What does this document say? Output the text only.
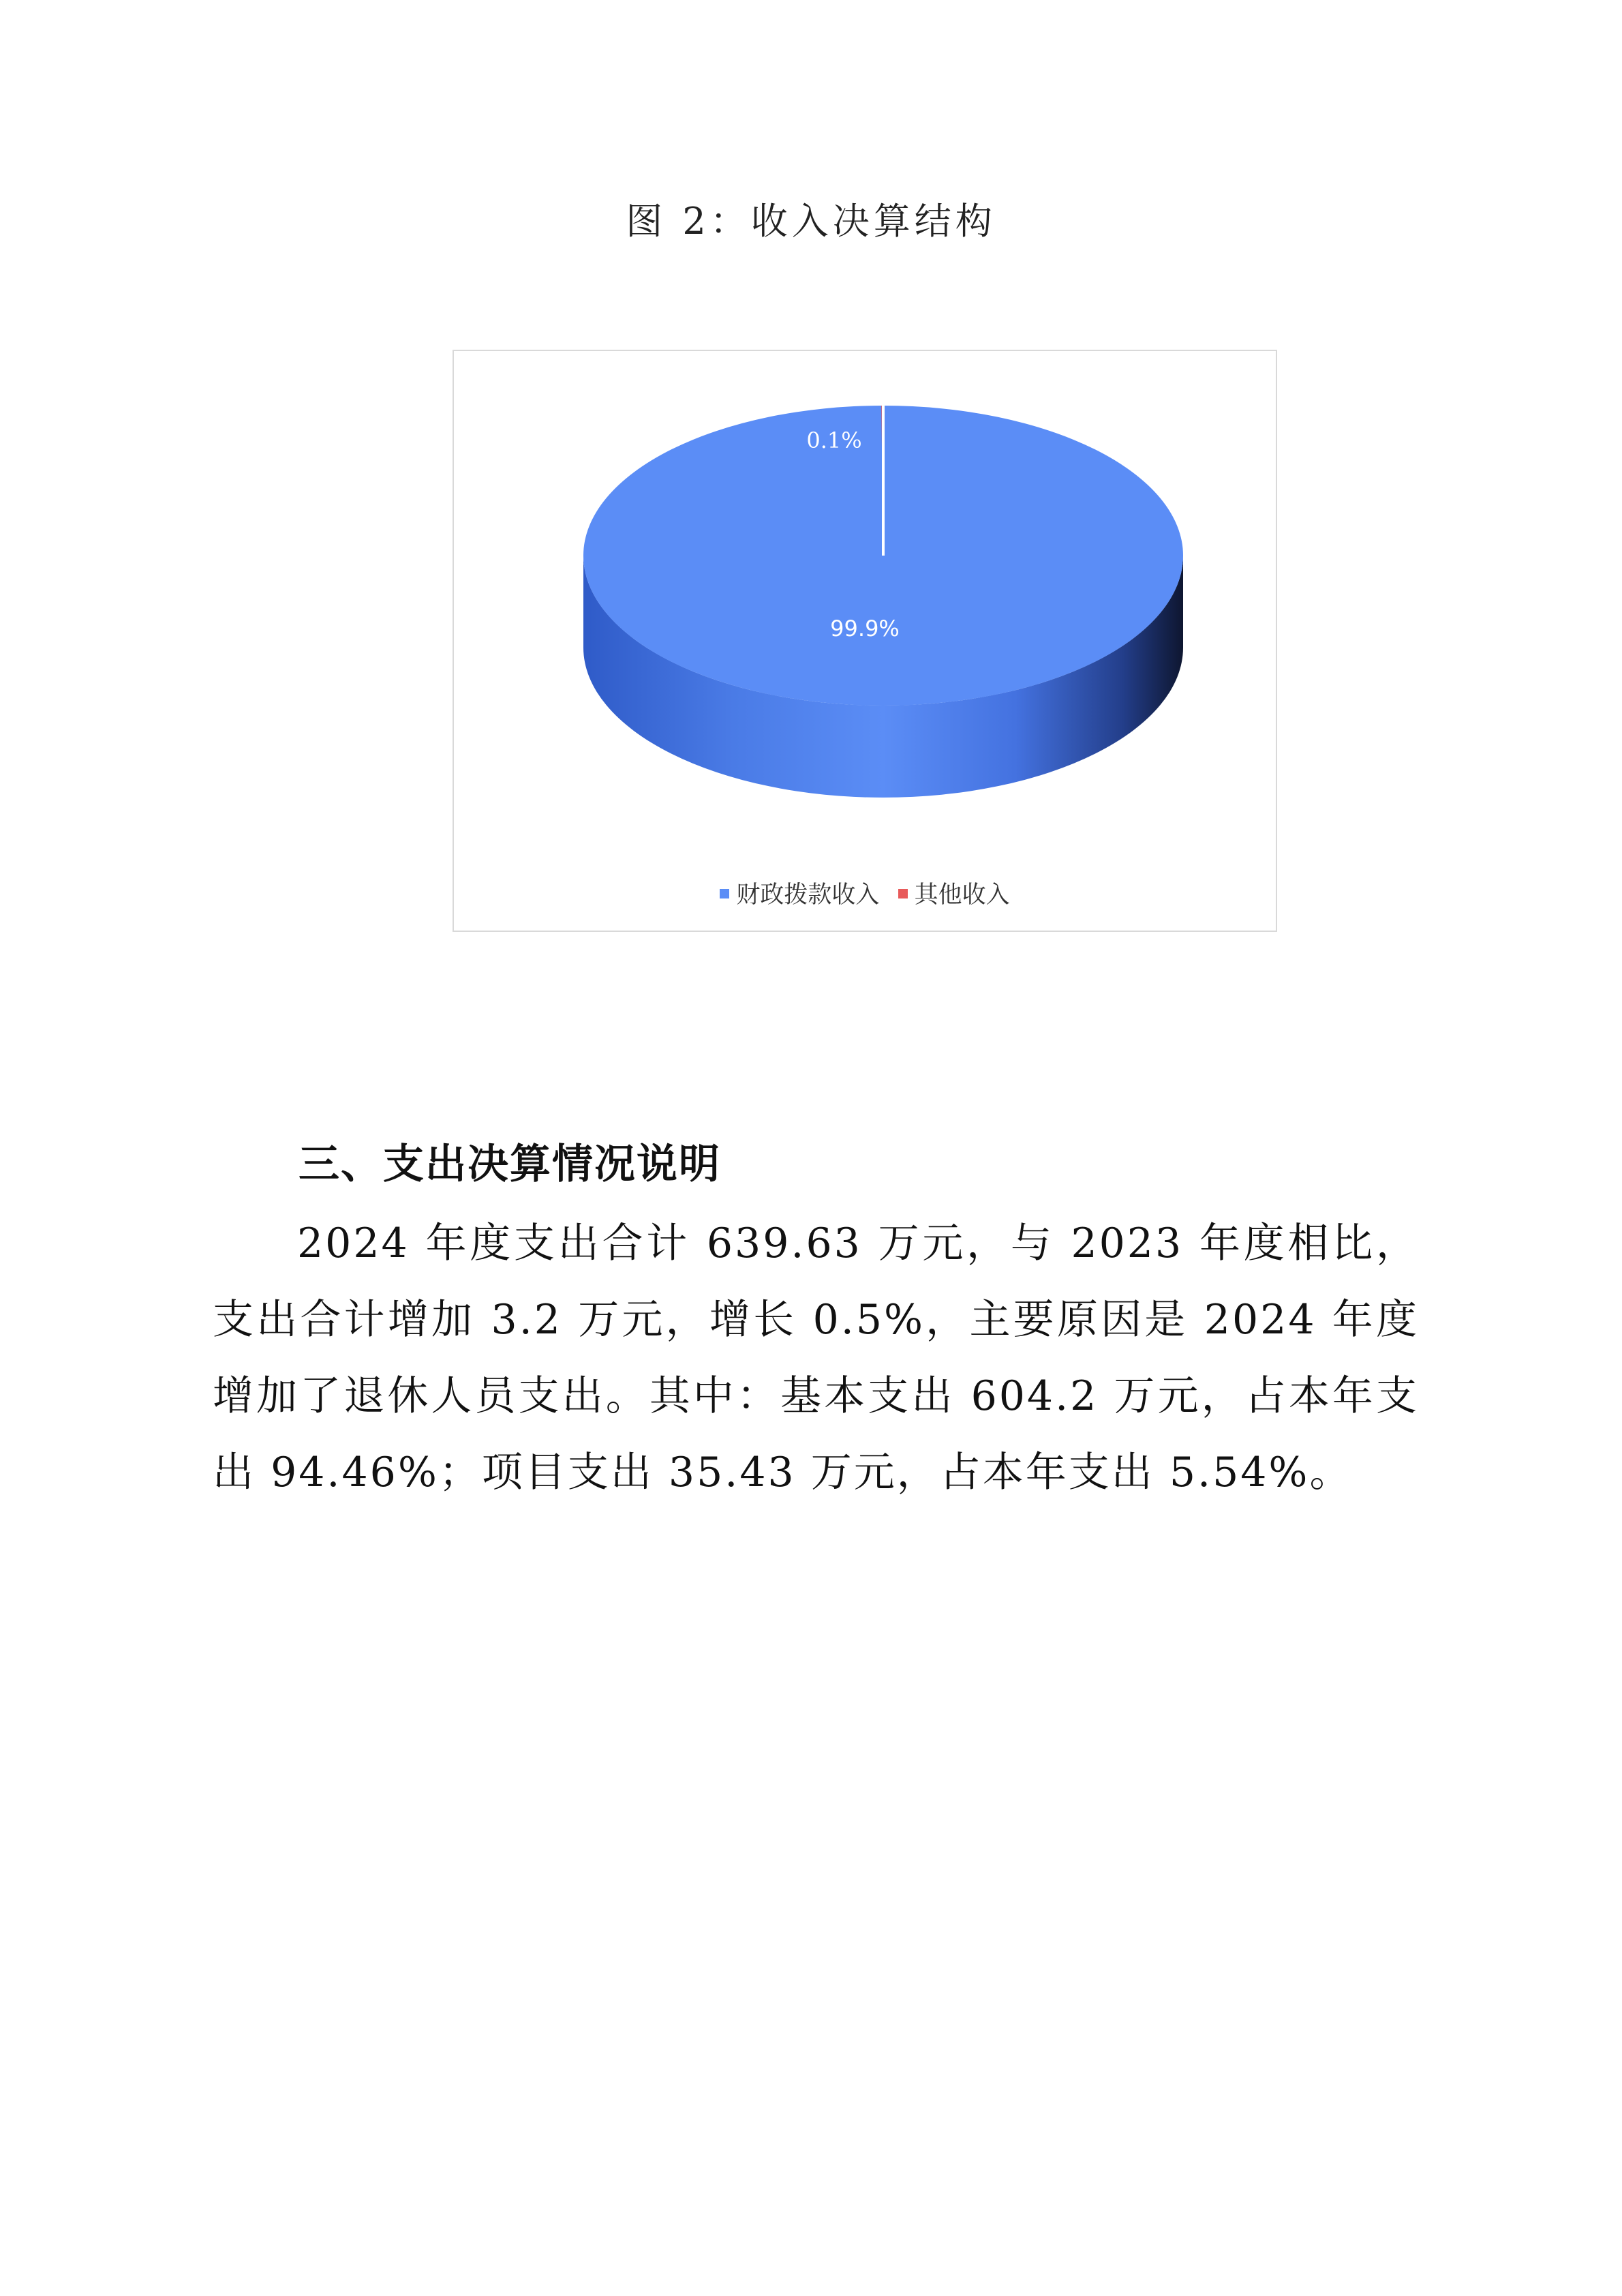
图 2：收入决算结构
99.9%
0.1%
财政拨款收入 其他收入
三、支出决算情况说明
2024 年度支出合计 639.63 万元，与 2023 年度相比，支出合计增加 3.2 万元，增长 0.5%，主要原因是 2024 年度增加了退休人员支出。其中：基本支出 604.2 万元，占本年支出 94.46%；项目支出 35.43 万元，占本年支出 5.54%。
